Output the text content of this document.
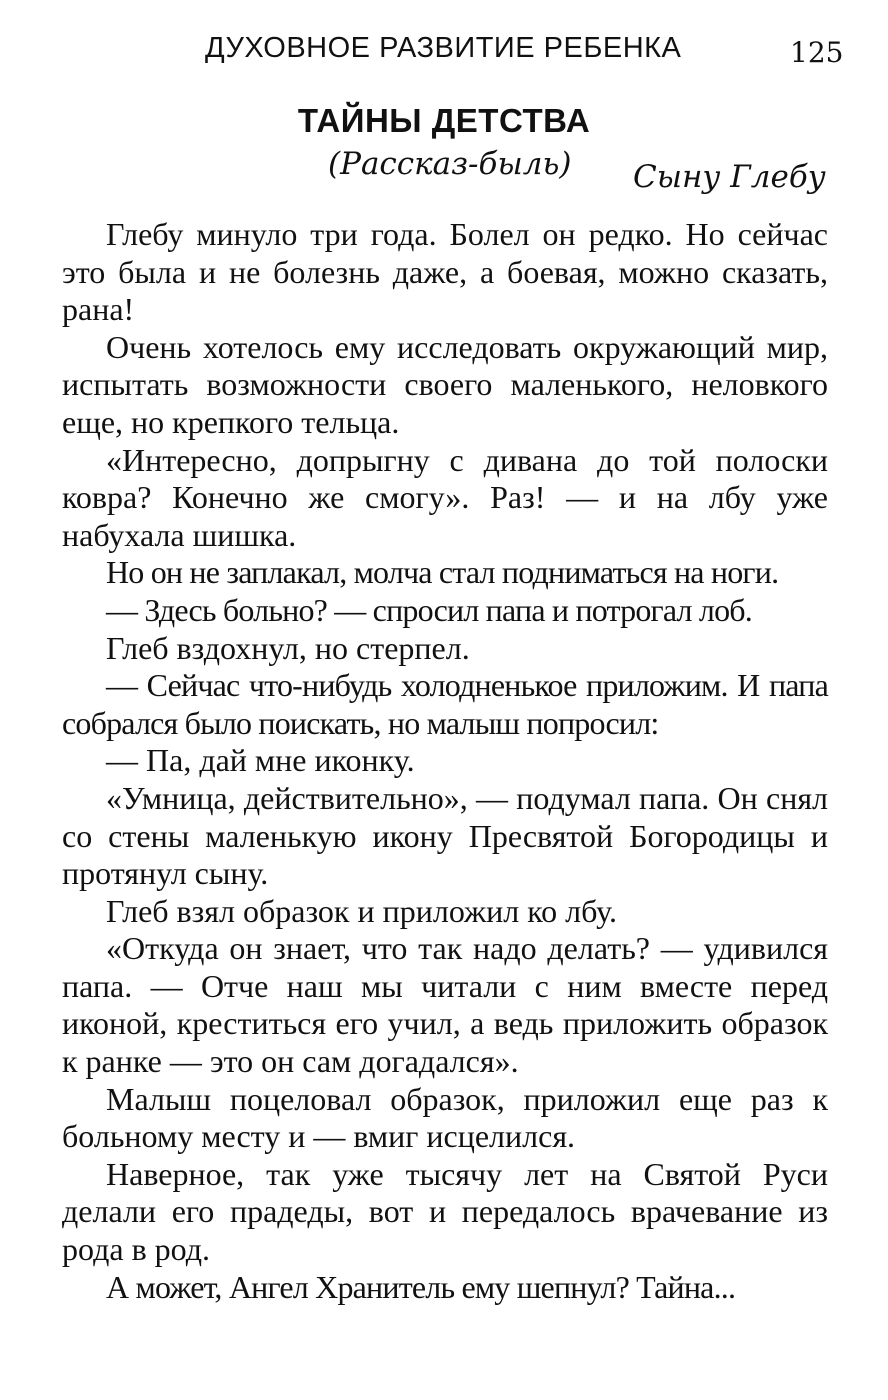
ДУХОВНОЕ РАЗВИТИЕ РЕБЕНКА	125
ТАЙНЫ ДЕТСТВА
(Рассказ-быль) Сыну Глебу

Глебу минуло три года. Болел он редко. Но сейчас это была и не болезнь даже, а боевая, можно сказать, рана!

Очень хотелось ему исследовать окружающий мир, испытать возможности своего маленького, неловкого еще, но крепкого тельца.

«Интересно, допрыгну с дивана до той полоски ковра? Конечно же смогу». Раз! — и на лбу уже набухала шишка.

Но он не заплакал, молча стал подниматься на ноги.

— Здесь больно? — спросил папа и потрогал лоб.

Глеб вздохнул, но стерпел.

— Сейчас что-нибудь холодненькое приложим. И папа собрался было поискать, но малыш попросил:

— Па, дай мне иконку.

«Умница, действительно», — подумал папа. Он снял со стены маленькую икону Пресвятой Богородицы и протянул сыну.

Глеб взял образок и приложил ко лбу.

«Откуда он знает, что так надо делать? — удивился папа. — Отче наш мы читали с ним вместе перед иконой, креститься его учил, а ведь приложить образок к ранке — это он сам догадался».

Малыш поцеловал образок, приложил еще раз к больному месту и — вмиг исцелился.

Наверное, так уже тысячу лет на Святой Руси делали его прадеды, вот и передалось врачевание из рода в род.

А может, Ангел Хранитель ему шепнул? Тайна...
